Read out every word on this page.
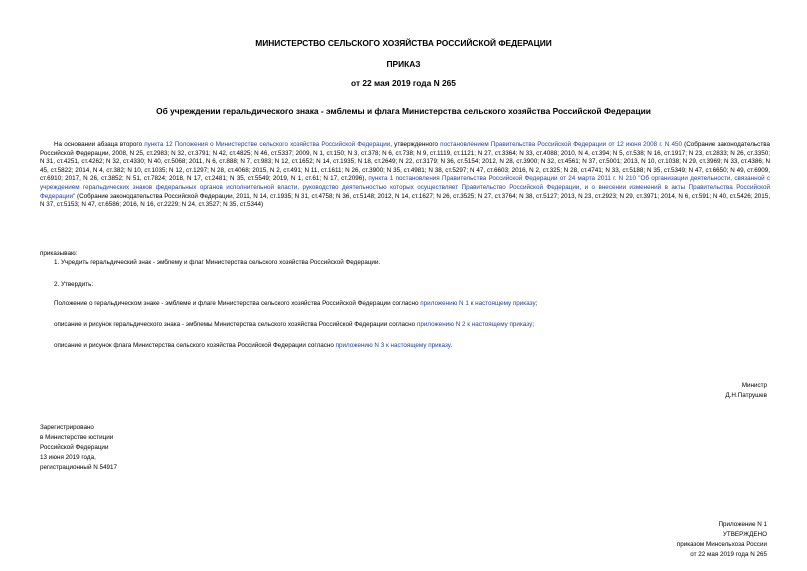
МИНИСТЕРСТВО СЕЛЬСКОГО ХОЗЯЙСТВА РОССИЙСКОЙ ФЕДЕРАЦИИ
ПРИКАЗ
от 22 мая 2019 года N 265
Об учреждении геральдического знака - эмблемы и флага Министерства сельского хозяйства Российской Федерации
На основании абзаца второго пункта 12 Положения о Министерстве сельского хозяйства Российской Федерации, утвержденного постановлением Правительства Российской Федерации от 12 июня 2008 г. N 450 (Собрание законодательства Российской Федерации, 2008, N 25, ст.2983; N 32, ст.3791; N 42, ст.4825; N 46, ст.5337; 2009, N 1, ст.150; N 3, ст.378; N 6, ст.738; N 9, ст.1119, ст.1121; N 27, ст.3364; N 33, ст.4088; 2010, N 4, ст.394; N 5, ст.538; N 16, ст.1917; N 23, ст.2833; N 26, ст.3350; N 31, ст.4251, ст.4262; N 32, ст.4330; N 40, ст.5068; 2011, N 6, ст.888; N 7, ст.983; N 12, ст.1652; N 14, ст.1935; N 18, ст.2649; N 22, ст.3179; N 36, ст.5154; 2012, N 28, ст.3900; N 32, ст.4561; N 37, ст.5001; 2013, N 10, ст.1038; N 29, ст.3969; N 33, ст.4386; N 45, ст.5822; 2014, N 4, ст.382; N 10, ст.1035; N 12, ст.1297; N 28, ст.4068; 2015, N 2, ст.491; N 11, ст.1611; N 26, ст.3900; N 35, ст.4981; N 38, ст.5297; N 47, ст.6603; 2016, N 2, ст.325; N 28, ст.4741; N 33, ст.5188; N 35, ст.5349; N 47, ст.6650; N 49, ст.6909, ст.6910; 2017, N 26, ст.3852; N 51, ст.7824; 2018, N 17, ст.2481; N 35, ст.5549; 2019, N 1, ст.61; N 17, ст.2096), пункта 1 постановления Правительства Российской Федерации от 24 марта 2011 г. N 210 "Об организации деятельности, связанной с учреждением геральдических знаков федеральных органов исполнительной власти, руководство деятельностью которых осуществляет Правительство Российской Федерации, и о внесении изменений в акты Правительства Российской Федерации" (Собрание законодательства Российской Федерации, 2011, N 14, ст.1935; N 31, ст.4758; N 36, ст.5148; 2012, N 14, ст.1627; N 26, ст.3525; N 27, ст.3764; N 38, ст.5127; 2013, N 23, ст.2923; N 29, ст.3971; 2014, N 6, ст.591; N 40, ст.5426; 2015, N 37, ст.5153; N 47, ст.6586; 2016, N 16, ст.2229; N 24, ст.3527; N 35, ст.5344)
приказываю:
1. Учредить геральдический знак - эмблему и флаг Министерства сельского хозяйства Российской Федерации.
2. Утвердить:
Положение о геральдическом знаке - эмблеме и флаге Министерства сельского хозяйства Российской Федерации согласно приложению N 1 к настоящему приказу;
описание и рисунок геральдического знака - эмблемы Министерства сельского хозяйства Российской Федерации согласно приложению N 2 к настоящему приказу;
описание и рисунок флага Министерства сельского хозяйства Российской Федерации согласно приложению N 3 к настоящему приказу.
Министр
Д.Н.Патрушев
Зарегистрировано
в Министерстве юстиции
Российской Федерации
13 июня 2019 года,
регистрационный N 54917
Приложение N 1
УТВЕРЖДЕНО
приказом Минсельхоза России
от 22 мая 2019 года N 265
